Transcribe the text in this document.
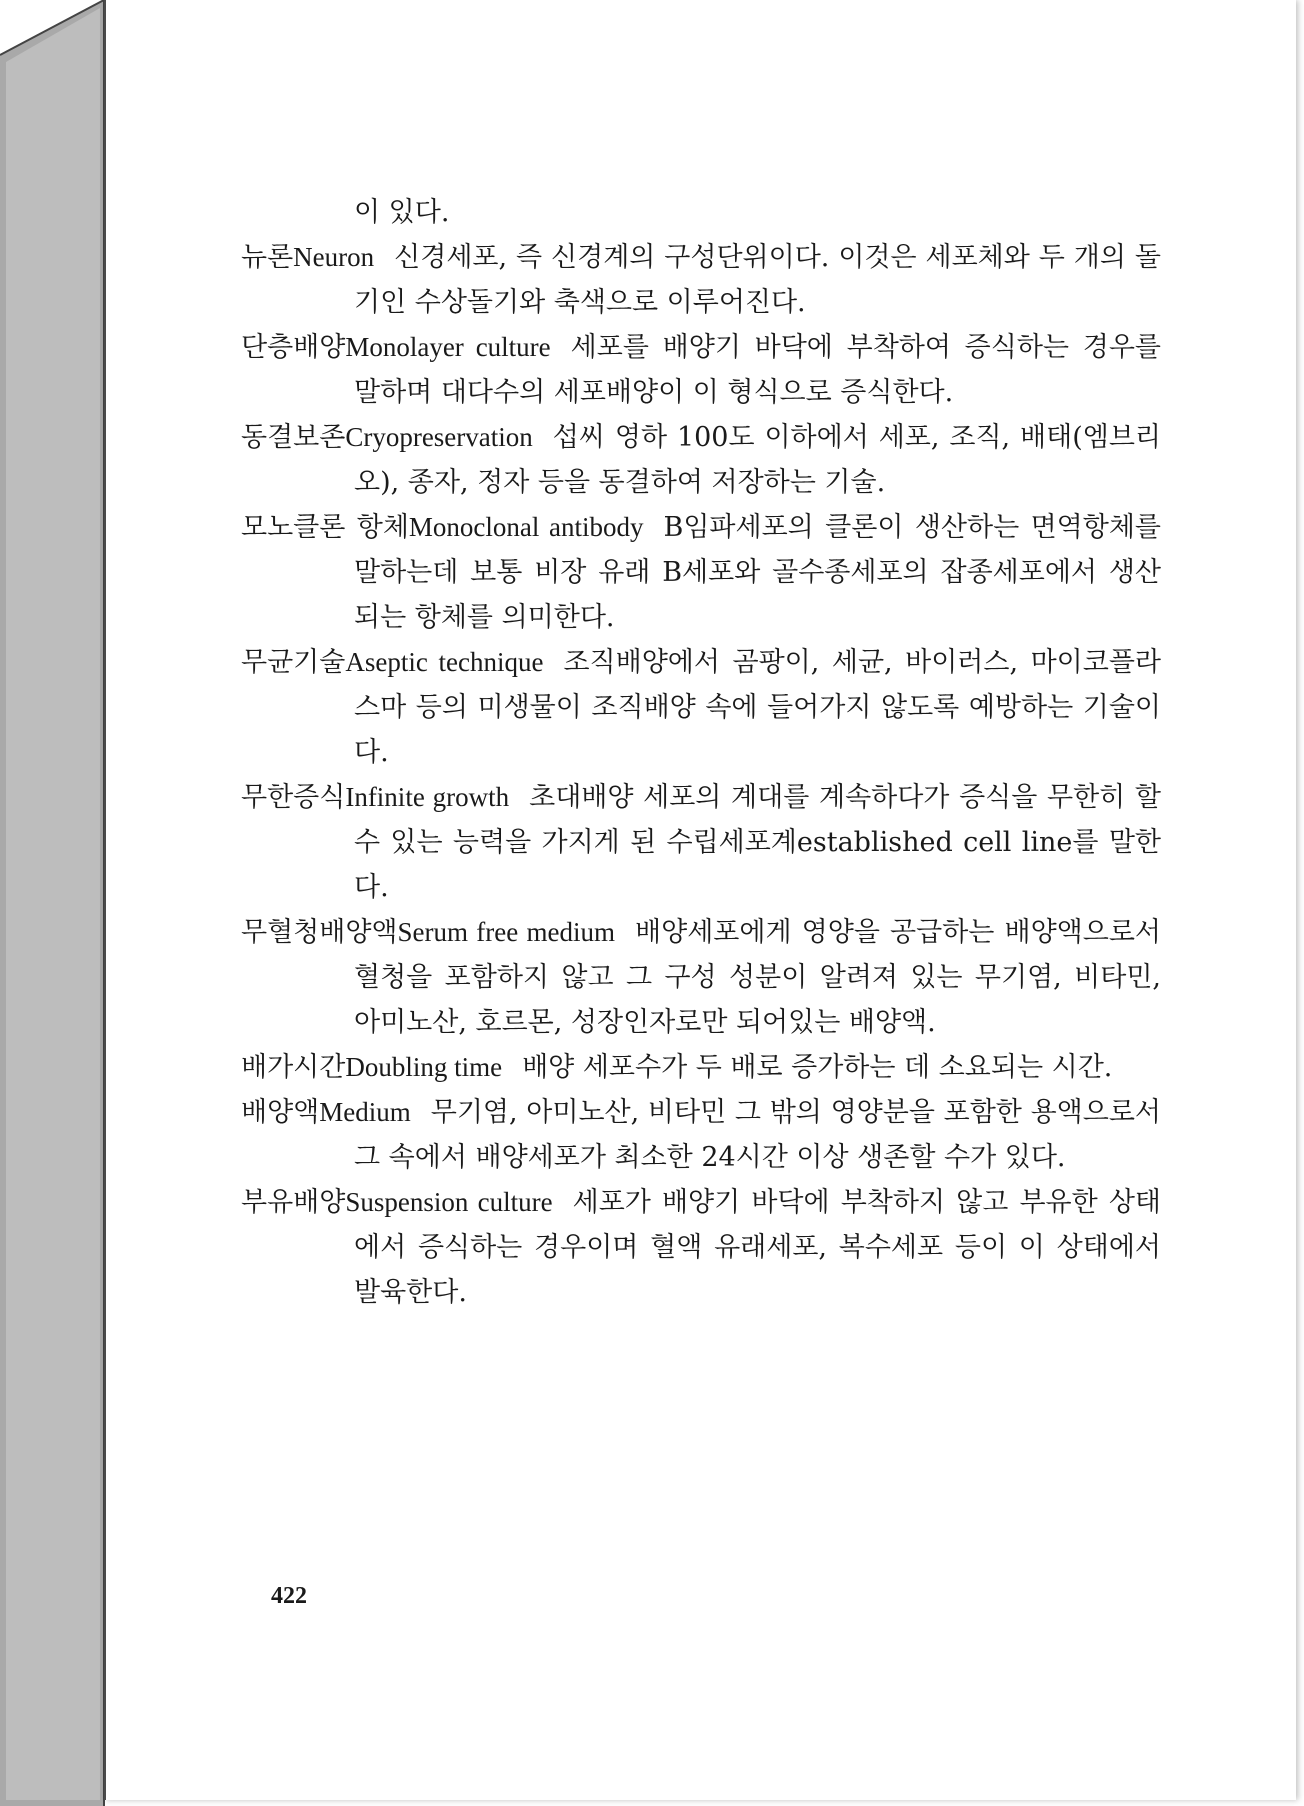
이 있다.

뉴론Neuron 신경세포, 즉 신경계의 구성단위이다. 이것은 세포체와 두 개의 돌기인 수상돌기와 축색으로 이루어진다.

단층배양Monolayer culture 세포를 배양기 바닥에 부착하여 증식하는 경우를 말하며 대다수의 세포배양이 이 형식으로 증식한다.

동결보존Cryopreservation 섭씨 영하 100도 이하에서 세포, 조직, 배태(엠브리오), 종자, 정자 등을 동결하여 저장하는 기술.

모노클론 항체Monoclonal antibody B임파세포의 클론이 생산하는 면역항체를 말하는데 보통 비장 유래 B세포와 골수종세포의 잡종세포에서 생산되는 항체를 의미한다.

무균기술Aseptic technique 조직배양에서 곰팡이, 세균, 바이러스, 마이코플라스마 등의 미생물이 조직배양 속에 들어가지 않도록 예방하는 기술이다.

무한증식Infinite growth 초대배양 세포의 계대를 계속하다가 증식을 무한히 할 수 있는 능력을 가지게 된 수립세포계established cell line를 말한다.

무혈청배양액Serum free medium 배양세포에게 영양을 공급하는 배양액으로서 혈청을 포함하지 않고 그 구성 성분이 알려져 있는 무기염, 비타민, 아미노산, 호르몬, 성장인자로만 되어있는 배양액.

배가시간Doubling time 배양 세포수가 두 배로 증가하는 데 소요되는 시간.

배양액Medium 무기염, 아미노산, 비타민 그 밖의 영양분을 포함한 용액으로서 그 속에서 배양세포가 최소한 24시간 이상 생존할 수가 있다.

부유배양Suspension culture 세포가 배양기 바닥에 부착하지 않고 부유한 상태에서 증식하는 경우이며 혈액 유래세포, 복수세포 등이 이 상태에서 발육한다.

422
